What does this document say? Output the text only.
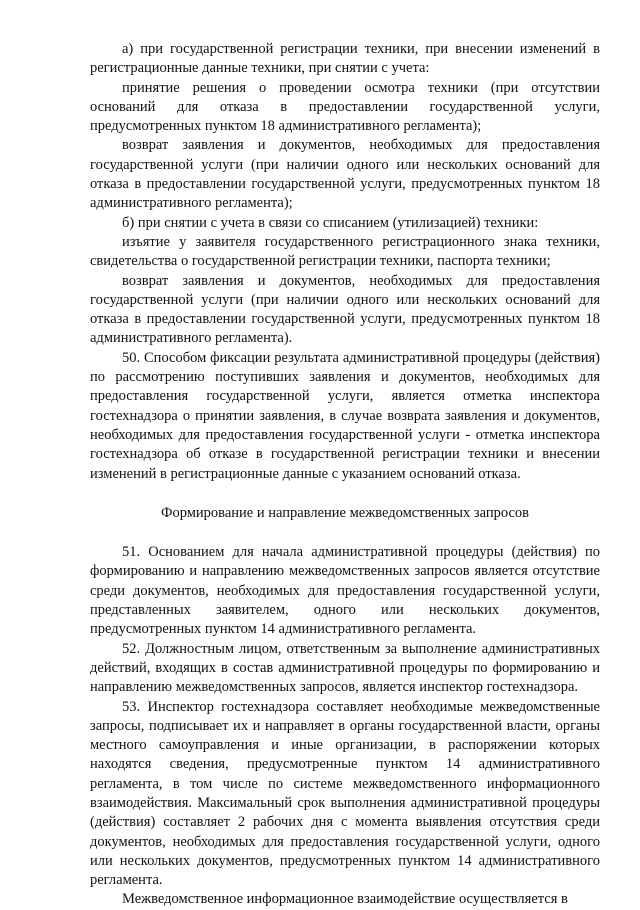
а) при государственной регистрации техники, при внесении изменений в регистрационные данные техники, при снятии с учета:

принятие решения о проведении осмотра техники (при отсутствии оснований для отказа в предоставлении государственной услуги, предусмотренных пунктом 18 административного регламента);

возврат заявления и документов, необходимых для предоставления государственной услуги (при наличии одного или нескольких оснований для отказа в предоставлении государственной услуги, предусмотренных пунктом 18 административного регламента);

б) при снятии с учета в связи со списанием (утилизацией) техники:

изъятие у заявителя государственного регистрационного знака техники, свидетельства о государственной регистрации техники, паспорта техники;

возврат заявления и документов, необходимых для предоставления государственной услуги (при наличии одного или нескольких оснований для отказа в предоставлении государственной услуги, предусмотренных пунктом 18 административного регламента).

50. Способом фиксации результата административной процедуры (действия) по рассмотрению поступивших заявления и документов, необходимых для предоставления государственной услуги, является отметка инспектора гостехнадзора о принятии заявления, в случае возврата заявления и документов, необходимых для предоставления государственной услуги - отметка инспектора гостехнадзора об отказе в государственной регистрации техники и внесении изменений в регистрационные данные с указанием оснований отказа.

Формирование и направление межведомственных запросов

51. Основанием для начала административной процедуры (действия) по формированию и направлению межведомственных запросов является отсутствие среди документов, необходимых для предоставления государственной услуги, представленных заявителем, одного или нескольких документов, предусмотренных пунктом 14 административного регламента.

52. Должностным лицом, ответственным за выполнение административных действий, входящих в состав административной процедуры по формированию и направлению межведомственных запросов, является инспектор гостехнадзора.

53. Инспектор гостехнадзора составляет необходимые межведомственные запросы, подписывает их и направляет в органы государственной власти, органы местного самоуправления и иные организации, в распоряжении которых находятся сведения, предусмотренные пунктом 14 административного регламента, в том числе по системе межведомственного информационного взаимодействия. Максимальный срок выполнения административной процедуры (действия) составляет 2 рабочих дня с момента выявления отсутствия среди документов, необходимых для предоставления государственной услуги, одного или нескольких документов, предусмотренных пунктом 14 административного регламента.

Межведомственное информационное взаимодействие осуществляется в
